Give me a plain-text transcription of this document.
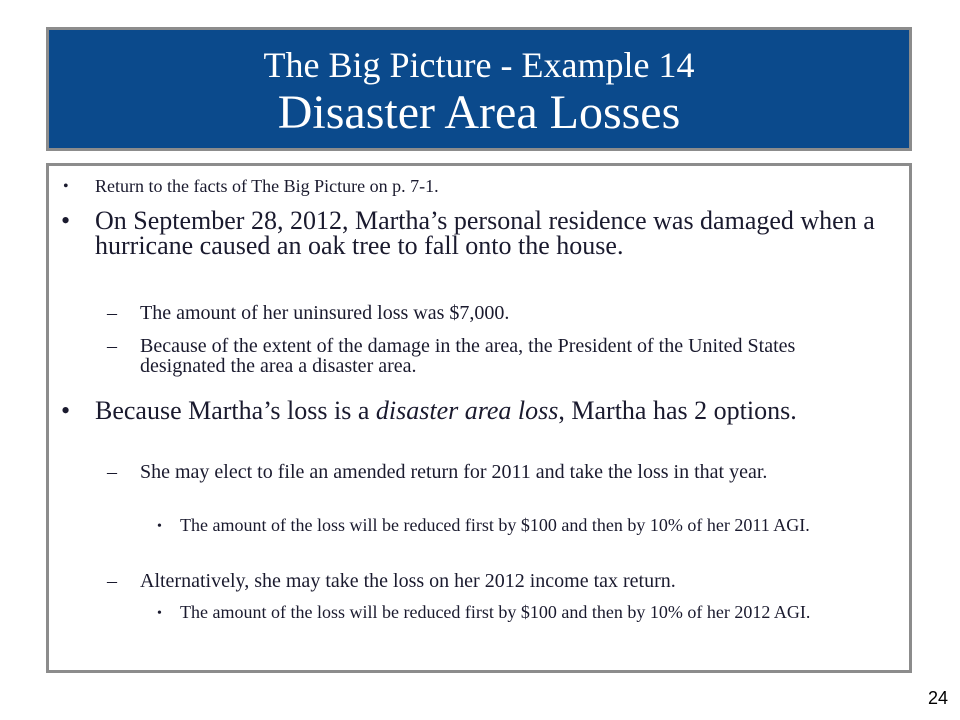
The Big Picture - Example 14
Disaster Area Losses
• Return to the facts of The Big Picture on p. 7-1.
• On September 28, 2012, Martha’s personal residence was damaged when a hurricane caused an oak tree to fall onto the house.
– The amount of her uninsured loss was $7,000.
– Because of the extent of the damage in the area, the President of the United States designated the area a disaster area.
• Because Martha’s loss is a disaster area loss, Martha has 2 options.
– She may elect to file an amended return for 2011 and take the loss in that year.
• The amount of the loss will be reduced first by $100 and then by 10% of her 2011 AGI.
– Alternatively, she may take the loss on her 2012 income tax return.
• The amount of the loss will be reduced first by $100 and then by 10% of her 2012 AGI.
24
